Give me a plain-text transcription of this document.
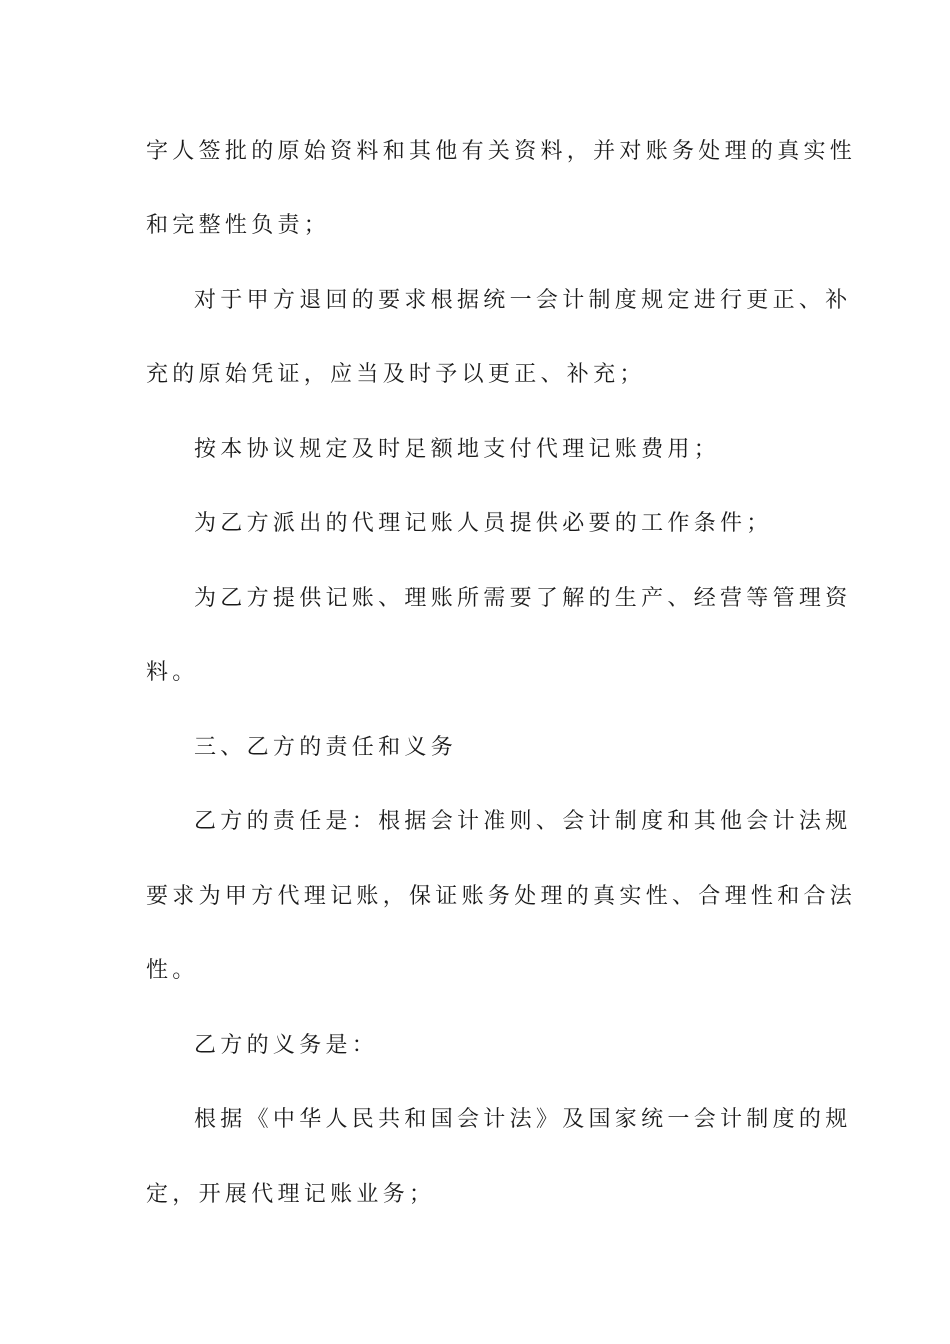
字人签批的原始资料和其他有关资料，并对账务处理的真实性
和完整性负责；
对于甲方退回的要求根据统一会计制度规定进行更正、补
充的原始凭证，应当及时予以更正、补充；
按本协议规定及时足额地支付代理记账费用；
为乙方派出的代理记账人员提供必要的工作条件；
为乙方提供记账、理账所需要了解的生产、经营等管理资
料。
三、乙方的责任和义务
乙方的责任是：根据会计准则、会计制度和其他会计法规
要求为甲方代理记账，保证账务处理的真实性、合理性和合法
性。
乙方的义务是：
根据《中华人民共和国会计法》及国家统一会计制度的规
定，开展代理记账业务；
